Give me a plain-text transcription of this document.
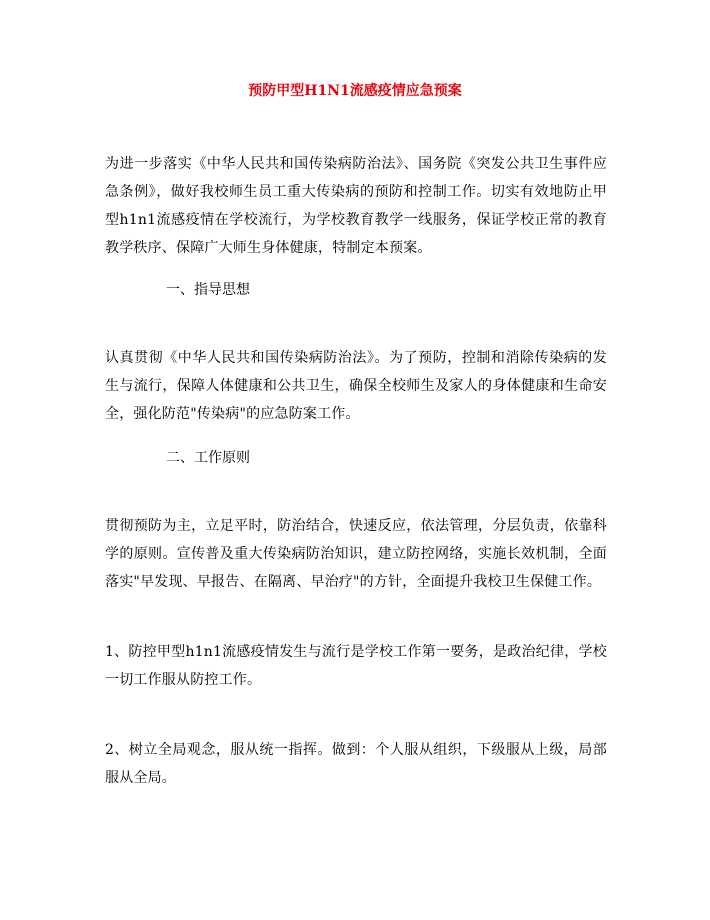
预防甲型H1N1流感疫情应急预案
为进一步落实《中华人民共和国传染病防治法》、国务院《突发公共卫生事件应急条例》，做好我校师生员工重大传染病的预防和控制工作。切实有效地防止甲型h1n1流感疫情在学校流行，为学校教育教学一线服务，保证学校正常的教育教学秩序、保障广大师生身体健康，特制定本预案。
一、指导思想
认真贯彻《中华人民共和国传染病防治法》。为了预防，控制和消除传染病的发生与流行，保障人体健康和公共卫生，确保全校师生及家人的身体健康和生命安全，强化防范"传染病"的应急防案工作。
二、工作原则
贯彻预防为主，立足平时，防治结合，快速反应，依法管理，分层负责，依靠科学的原则。宣传普及重大传染病防治知识，建立防控网络，实施长效机制，全面落实"早发现、早报告、在隔离、早治疗"的方针，全面提升我校卫生保健工作。
1、防控甲型h1n1流感疫情发生与流行是学校工作第一要务，是政治纪律，学校一切工作服从防控工作。
2、树立全局观念，服从统一指挥。做到：个人服从组织，下级服从上级，局部服从全局。
